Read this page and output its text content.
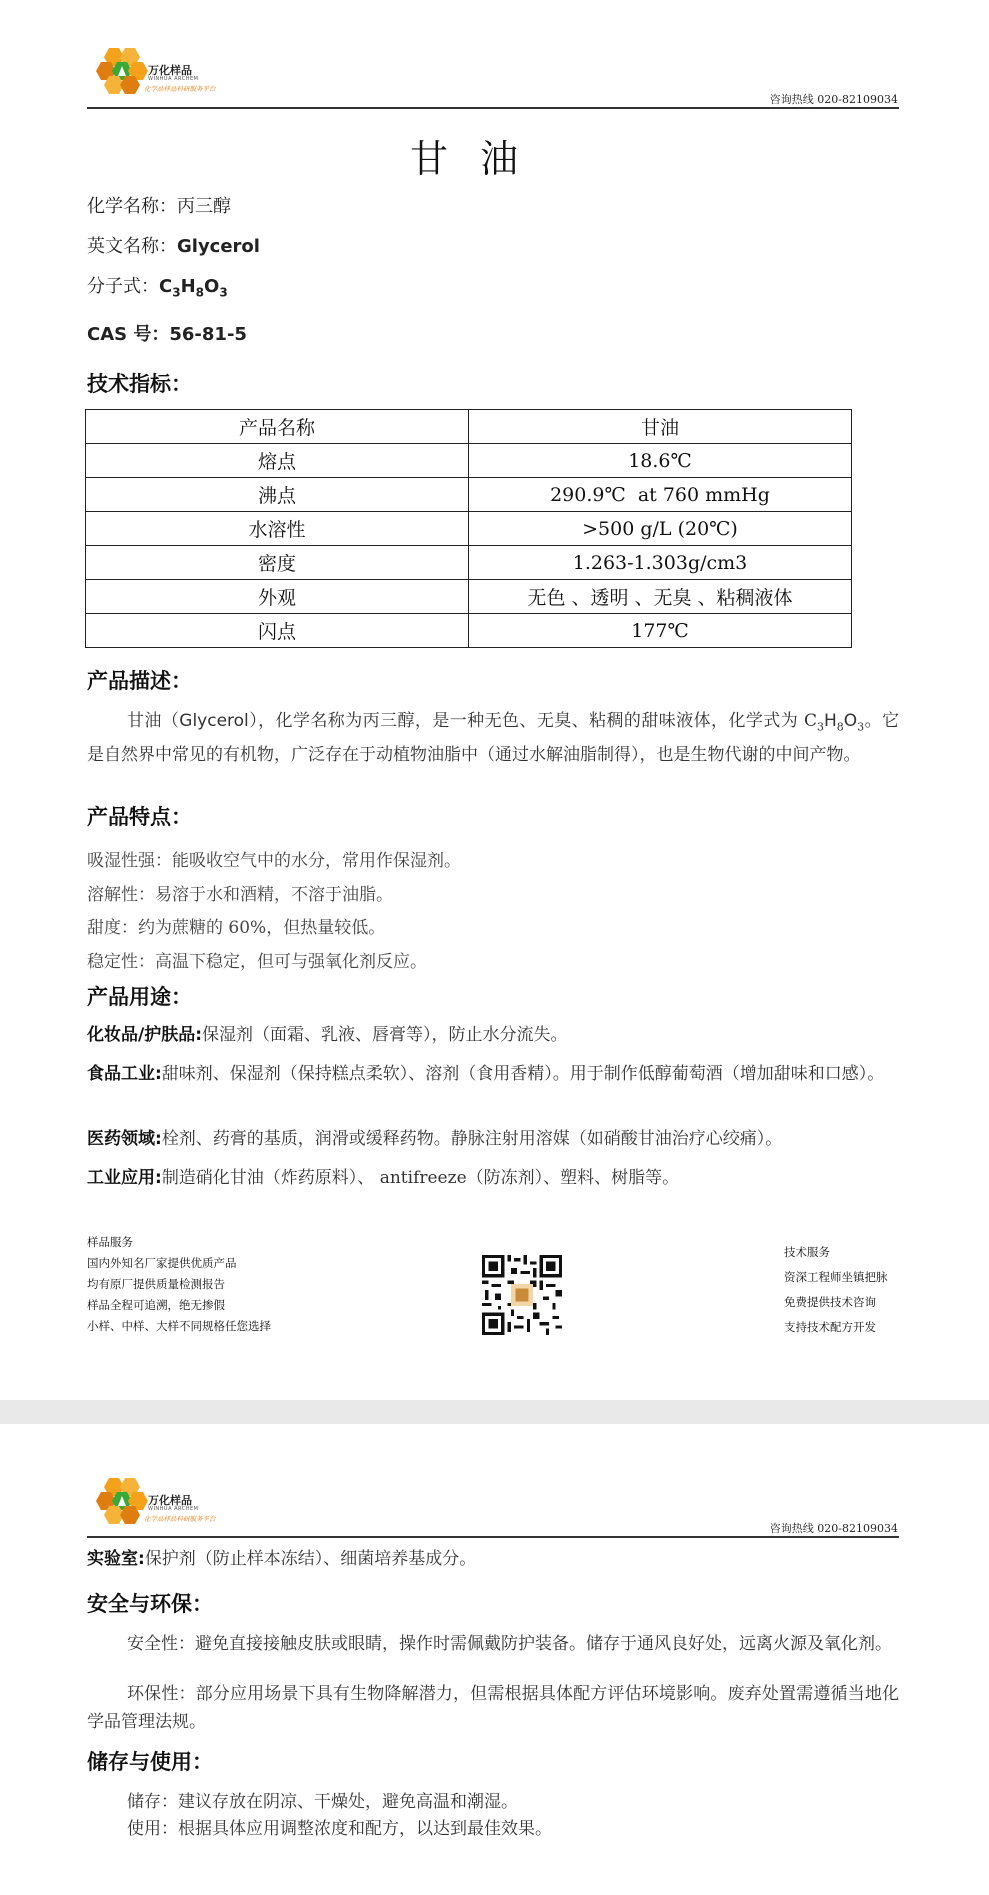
万化样品
WINHUA ARCHEM
化学品样品科研服务平台
咨询热线 020-82109034
甘 油
化学名称：丙三醇
英文名称：Glycerol
分子式：$C_3H_8O_3$
CAS 号：56-81-5
技术指标：
产品名称	甘油
熔点	18.6℃
沸点	290.9℃  at 760 mmHg
水溶性	>500 g/L (20℃)
密度	1.263-1.303g/cm3
外观	无色 、透明 、无臭 、粘稠液体
闪点	177℃
产品描述：
甘油（Glycerol），化学名称为丙三醇，是一种无色、无臭、粘稠的甜味液体，化学式为 $C_3H_8O_3$。它是自然界中常见的有机物，广泛存在于动植物油脂中（通过水解油脂制得），也是生物代谢的中间产物。
产品特点：
吸湿性强：能吸收空气中的水分，常用作保湿剂。
溶解性：易溶于水和酒精，不溶于油脂。
甜度：约为蔗糖的 60%，但热量较低。
稳定性：高温下稳定，但可与强氧化剂反应。
产品用途：
化妆品/护肤品:保湿剂（面霜、乳液、唇膏等），防止水分流失。
食品工业:甜味剂、保湿剂（保持糕点柔软）、溶剂（食用香精）。用于制作低醇葡萄酒（增加甜味和口感）。
医药领域:栓剂、药膏的基质，润滑或缓释药物。静脉注射用溶媒（如硝酸甘油治疗心绞痛）。
工业应用:制造硝化甘油（炸药原料）、 antifreeze（防冻剂）、塑料、树脂等。
样品服务
国内外知名厂家提供优质产品
均有原厂提供质量检测报告
样品全程可追溯，绝无掺假
小样、中样、大样不同规格任您选择
技术服务
资深工程师坐镇把脉
免费提供技术咨询
支持技术配方开发
万化样品
WINHUA ARCHEM
化学品样品科研服务平台
咨询热线 020-82109034
实验室:保护剂（防止样本冻结）、细菌培养基成分。
安全与环保：
安全性：避免直接接触皮肤或眼睛，操作时需佩戴防护装备。储存于通风良好处，远离火源及氧化剂。
环保性：部分应用场景下具有生物降解潜力，但需根据具体配方评估环境影响。废弃处置需遵循当地化学品管理法规。
储存与使用：
储存：建议存放在阴凉、干燥处，避免高温和潮湿。
使用：根据具体应用调整浓度和配方，以达到最佳效果。
